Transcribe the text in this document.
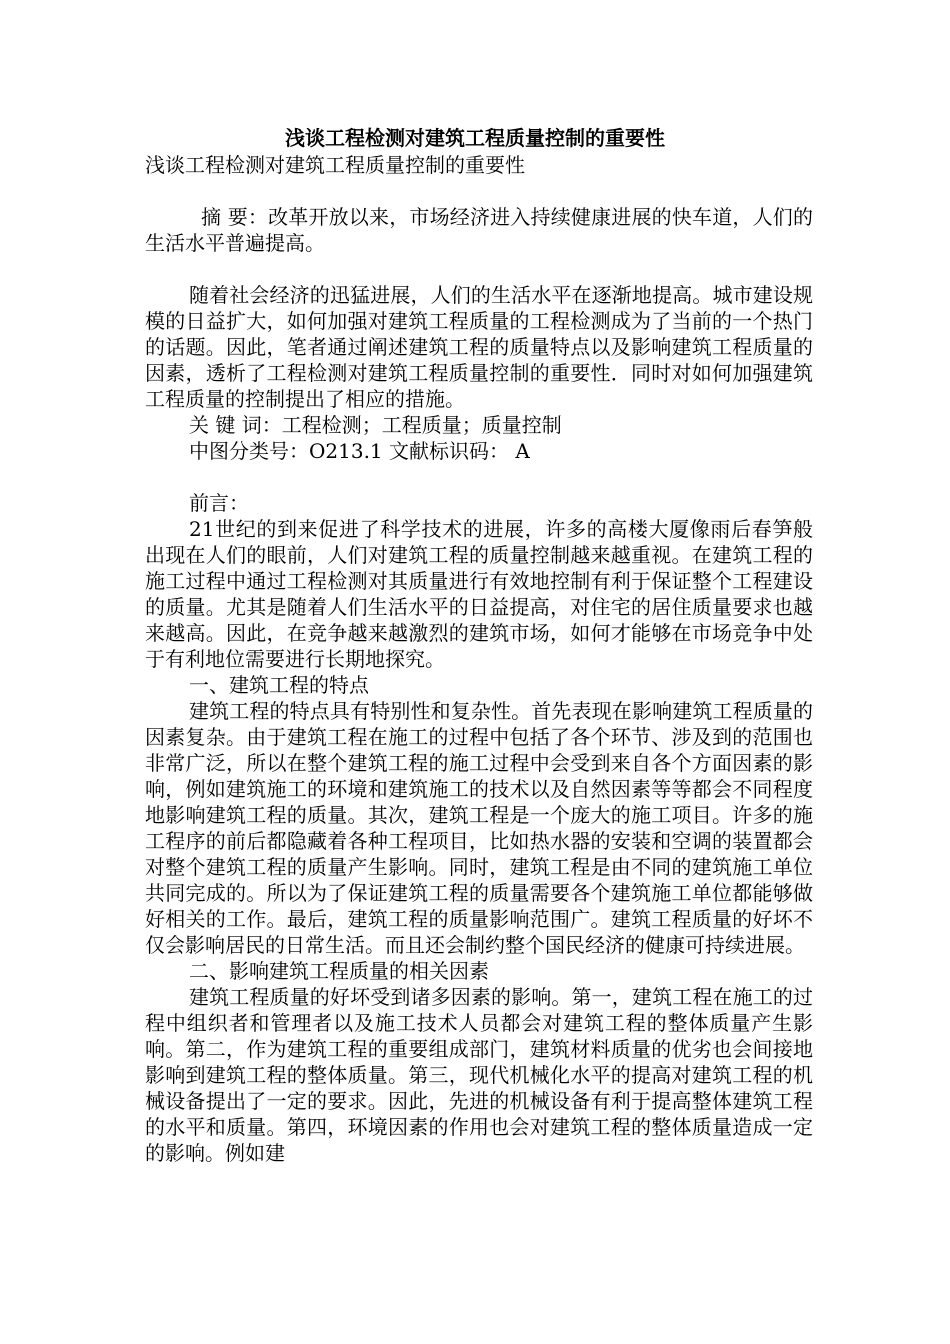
浅谈工程检测对建筑工程质量控制的重要性

浅谈工程检测对建筑工程质量控制的重要性

摘 要：改革开放以来，市场经济进入持续健康进展的快车道，人们的生活水平普遍提高。

随着社会经济的迅猛进展，人们的生活水平在逐渐地提高。城市建设规模的日益扩大，如何加强对建筑工程质量的工程检测成为了当前的一个热门的话题。因此，笔者通过阐述建筑工程的质量特点以及影响建筑工程质量的因素，透析了工程检测对建筑工程质量控制的重要性．同时对如何加强建筑工程质量的控制提出了相应的措施。

关 键 词：工程检测；工程质量；质量控制

中图分类号：O213.1 文献标识码： A

前言：

21世纪的到来促进了科学技术的进展，许多的高楼大厦像雨后春笋般出现在人们的眼前，人们对建筑工程的质量控制越来越重视。在建筑工程的施工过程中通过工程检测对其质量进行有效地控制有利于保证整个工程建设的质量。尤其是随着人们生活水平的日益提高，对住宅的居住质量要求也越来越高。因此，在竞争越来越激烈的建筑市场，如何才能够在市场竞争中处于有利地位需要进行长期地探究。

一、建筑工程的特点

建筑工程的特点具有特别性和复杂性。首先表现在影响建筑工程质量的因素复杂。由于建筑工程在施工的过程中包括了各个环节、涉及到的范围也非常广泛，所以在整个建筑工程的施工过程中会受到来自各个方面因素的影响，例如建筑施工的环境和建筑施工的技术以及自然因素等等都会不同程度地影响建筑工程的质量。其次，建筑工程是一个庞大的施工项目。许多的施工程序的前后都隐藏着各种工程项目，比如热水器的安装和空调的装置都会对整个建筑工程的质量产生影响。同时，建筑工程是由不同的建筑施工单位共同完成的。所以为了保证建筑工程的质量需要各个建筑施工单位都能够做好相关的工作。最后，建筑工程的质量影响范围广。建筑工程质量的好坏不仅会影响居民的日常生活。而且还会制约整个国民经济的健康可持续进展。

二、影响建筑工程质量的相关因素

建筑工程质量的好坏受到诸多因素的影响。第一，建筑工程在施工的过程中组织者和管理者以及施工技术人员都会对建筑工程的整体质量产生影响。第二，作为建筑工程的重要组成部门，建筑材料质量的优劣也会间接地影响到建筑工程的整体质量。第三，现代机械化水平的提高对建筑工程的机械设备提出了一定的要求。因此，先进的机械设备有利于提高整体建筑工程的水平和质量。第四，环境因素的作用也会对建筑工程的整体质量造成一定的影响。例如建
